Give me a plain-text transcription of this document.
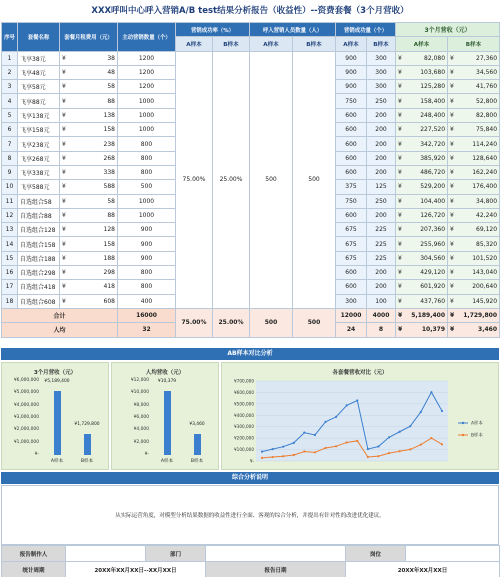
XXX呼叫中心呼入营销A/B test结果分析报告（收益性）--资费套餐（3个月营收）
序号	套餐名称	套餐月租费用（元）	主动营销数量（个）	营销成功率（%）		呼入营销人员数量（人）		营销成功量（个）		3个月营收（元）	
				A样本	B样本	A样本	B样本	A样本	B样本	A样本	B样本
1	飞享38元	¥ 38	1200	75.00%	25.00%	500	500	900	300	¥ 82,080	¥ 27,360

2	飞享48元	¥ 48	1200					900	300	¥ 103,680	¥ 34,560

3	飞享58元	¥ 58	1200					900	300	¥ 125,280	¥ 41,760

4	飞享88元	¥ 88	1000					750	250	¥ 158,400	¥ 52,800

5	飞享138元	¥ 138	1000					600	200	¥ 248,400	¥ 82,800

6	飞享158元	¥ 158	1000					600	200	¥ 227,520	¥ 75,840

7	飞享238元	¥ 238	800					600	200	¥ 342,720	¥ 114,240

8	飞享268元	¥ 268	800					600	200	¥ 385,920	¥ 128,640

9	飞享338元	¥ 338	800					600	200	¥ 486,720	¥ 162,240

10	飞享588元	¥ 588	500					375	125	¥ 529,200	¥ 176,400

11	自选组合58	¥ 58	1000					750	250	¥ 104,400	¥ 34,800

12	自选组合88	¥ 88	1000					600	200	¥ 126,720	¥ 42,240

13	自选组合128	¥ 128	900					675	225	¥ 207,360	¥ 69,120

14	自选组合158	¥ 158	900					675	225	¥ 255,960	¥ 85,320

15	自选组合188	¥ 188	900					675	225	¥ 304,560	¥ 101,520

16	自选组合298	¥ 298	800					600	200	¥ 429,120	¥ 143,040

17	自选组合418	¥ 418	800					600	200	¥ 601,920	¥ 200,640

18	自选组合608	¥ 608	400					300	100	¥ 437,760	¥ 145,920

合计			16000	75.00%	25.00%	500	500	12000	4000	¥ 5,189,400	¥ 1,729,800

人均			32					24	8	¥ 10,379	¥ 3,460
AB样本对比分析
3个月营收（元）
¥6,000,000
¥5,000,000
¥4,000,000
¥3,000,000
¥2,000,000
¥1,000,000
¥-
¥5,189,400
A样本
¥1,729,800
B样本
人均营收（元）
¥12,000
¥10,000
¥8,000
¥6,000
¥4,000
¥2,000
¥-
¥10,379
A样本
¥3,460
B样本
各套餐营收对比（元）
¥700,000
¥600,000
¥500,000
¥400,000
¥300,000
¥200,000
¥100,000
¥-
A样本
B样本
综合分析说明
从实际运营角度，对模型分析结果数据的收益性进行全面、客观的综合分析，并提出有针对性的改进优化建议。
报告制作人		部门		岗位	
统计周期	20XX年XX月XX日--XX月XX日		报告日期	20XX年XX月XX日	
